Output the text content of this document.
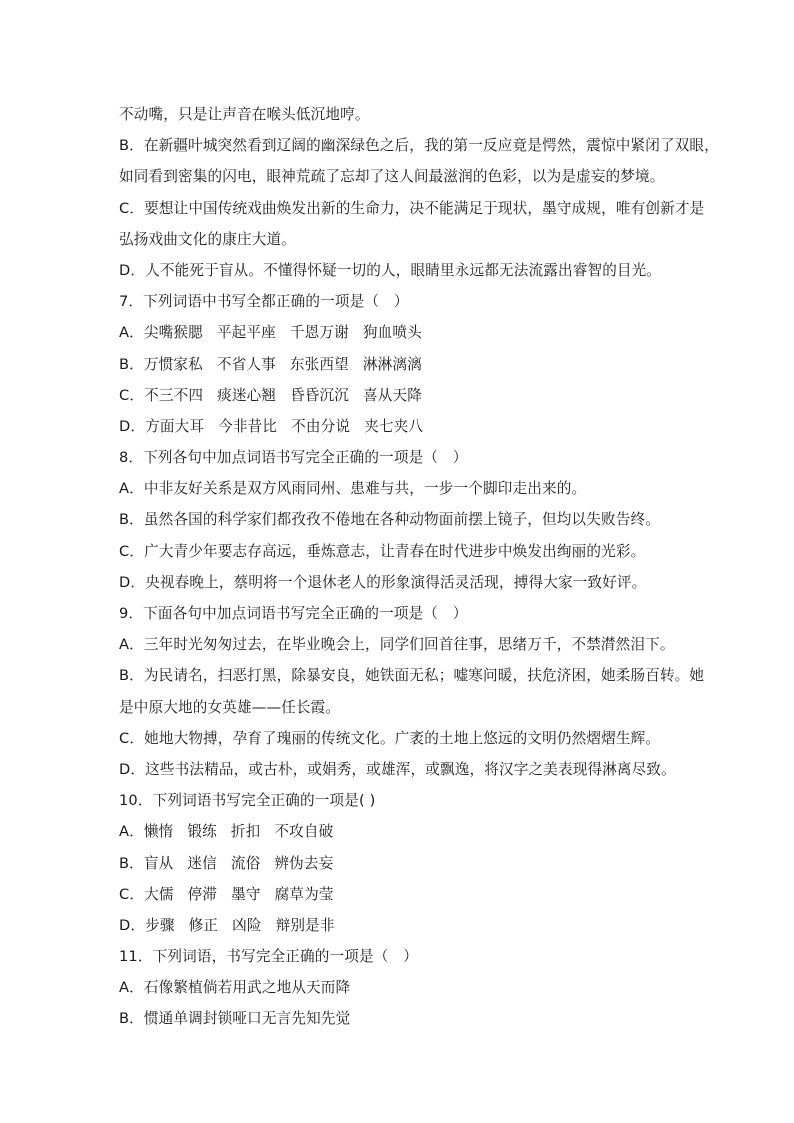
不动嘴，只是让声音在喉头低沉地哼。
B．在新疆叶城突然看到辽阔的幽深绿色之后，我的第一反应竟是愕然，震惊中紧闭了双眼，
如同看到密集的闪电，眼神荒疏了忘却了这人间最滋润的色彩，以为是虚妄的梦境。
C．要想让中国传统戏曲焕发出新的生命力，决不能满足于现状，墨守成规，唯有创新才是
弘扬戏曲文化的康庄大道。
D．人不能死于盲从。不懂得怀疑一切的人，眼睛里永远都无法流露出睿智的目光。
7．下列词语中书写全都正确的一项是（　）
A．尖嘴猴腮 平起平座 千恩万谢 狗血喷头
B．万惯家私 不省人事 东张西望 淋淋漓漓
C．不三不四 痰迷心翘 昏昏沉沉 喜从天降
D．方面大耳 今非昔比 不由分说 夹七夹八
8．下列各句中加点词语书写完全正确的一项是（　）
A．中非友好关系是双方风雨同州、患难与共，一步一个脚印走出来的。
B．虽然各国的科学家们都孜孜不倦地在各种动物面前摆上镜子，但均以失败告终。
C．广大青少年要志存高远，垂炼意志，让青春在时代进步中焕发出绚丽的光彩。
D．央视春晚上，蔡明将一个退休老人的形象演得活灵活现，搏得大家一致好评。
9．下面各句中加点词语书写完全正确的一项是（　）
A．三年时光匆匆过去，在毕业晚会上，同学们回首往事，思绪万千，不禁潸然泪下。
B．为民请名，扫恶打黑，除暴安良，她铁面无私；嘘寒问暖，扶危济困，她柔肠百转。她
是中原大地的女英雄——任长霞。
C．她地大物搏，孕育了瑰丽的传统文化。广袤的土地上悠远的文明仍然熠熠生辉。
D．这些书法精品，或古朴，或娟秀，或雄浑，或飘逸，将汉字之美表现得淋离尽致。
10．下列词语书写完全正确的一项是( )
A．懒惰 锻练 折扣 不攻自破
B．盲从 迷信 流俗 辨伪去妄
C．大儒 停滞 墨守 腐草为莹
D．步骤 修正 凶险 辩别是非
11．下列词语，书写完全正确的一项是（　）
A．石像繁植倘若用武之地从天而降
B．惯通单调封锁哑口无言先知先觉
